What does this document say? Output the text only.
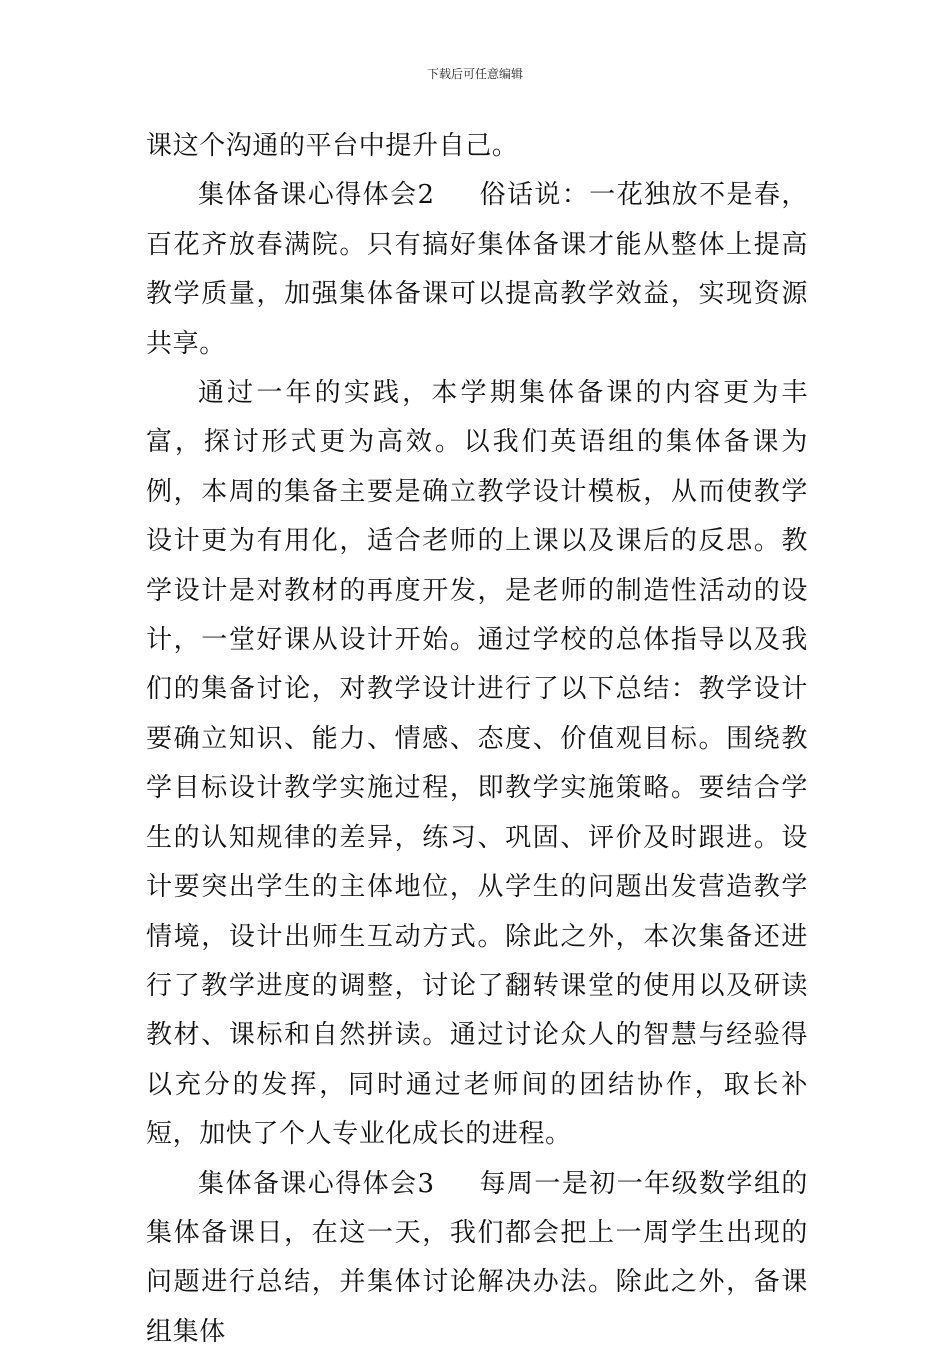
下载后可任意编辑

课这个沟通的平台中提升自己。

集体备课心得体会2 俗话说：一花独放不是春，百花齐放春满院。只有搞好集体备课才能从整体上提高教学质量，加强集体备课可以提高教学效益，实现资源共享。

通过一年的实践，本学期集体备课的内容更为丰富，探讨形式更为高效。以我们英语组的集体备课为例，本周的集备主要是确立教学设计模板，从而使教学设计更为有用化，适合老师的上课以及课后的反思。教学设计是对教材的再度开发，是老师的制造性活动的设计，一堂好课从设计开始。通过学校的总体指导以及我们的集备讨论，对教学设计进行了以下总结：教学设计要确立知识、能力、情感、态度、价值观目标。围绕教学目标设计教学实施过程，即教学实施策略。要结合学生的认知规律的差异，练习、巩固、评价及时跟进。设计要突出学生的主体地位，从学生的问题出发营造教学情境，设计出师生互动方式。除此之外，本次集备还进行了教学进度的调整，讨论了翻转课堂的使用以及研读教材、课标和自然拼读。通过讨论众人的智慧与经验得以充分的发挥，同时通过老师间的团结协作，取长补短，加快了个人专业化成长的进程。

集体备课心得体会3 每周一是初一年级数学组的集体备课日，在这一天，我们都会把上一周学生出现的问题进行总结，并集体讨论解决办法。除此之外，备课组集体
